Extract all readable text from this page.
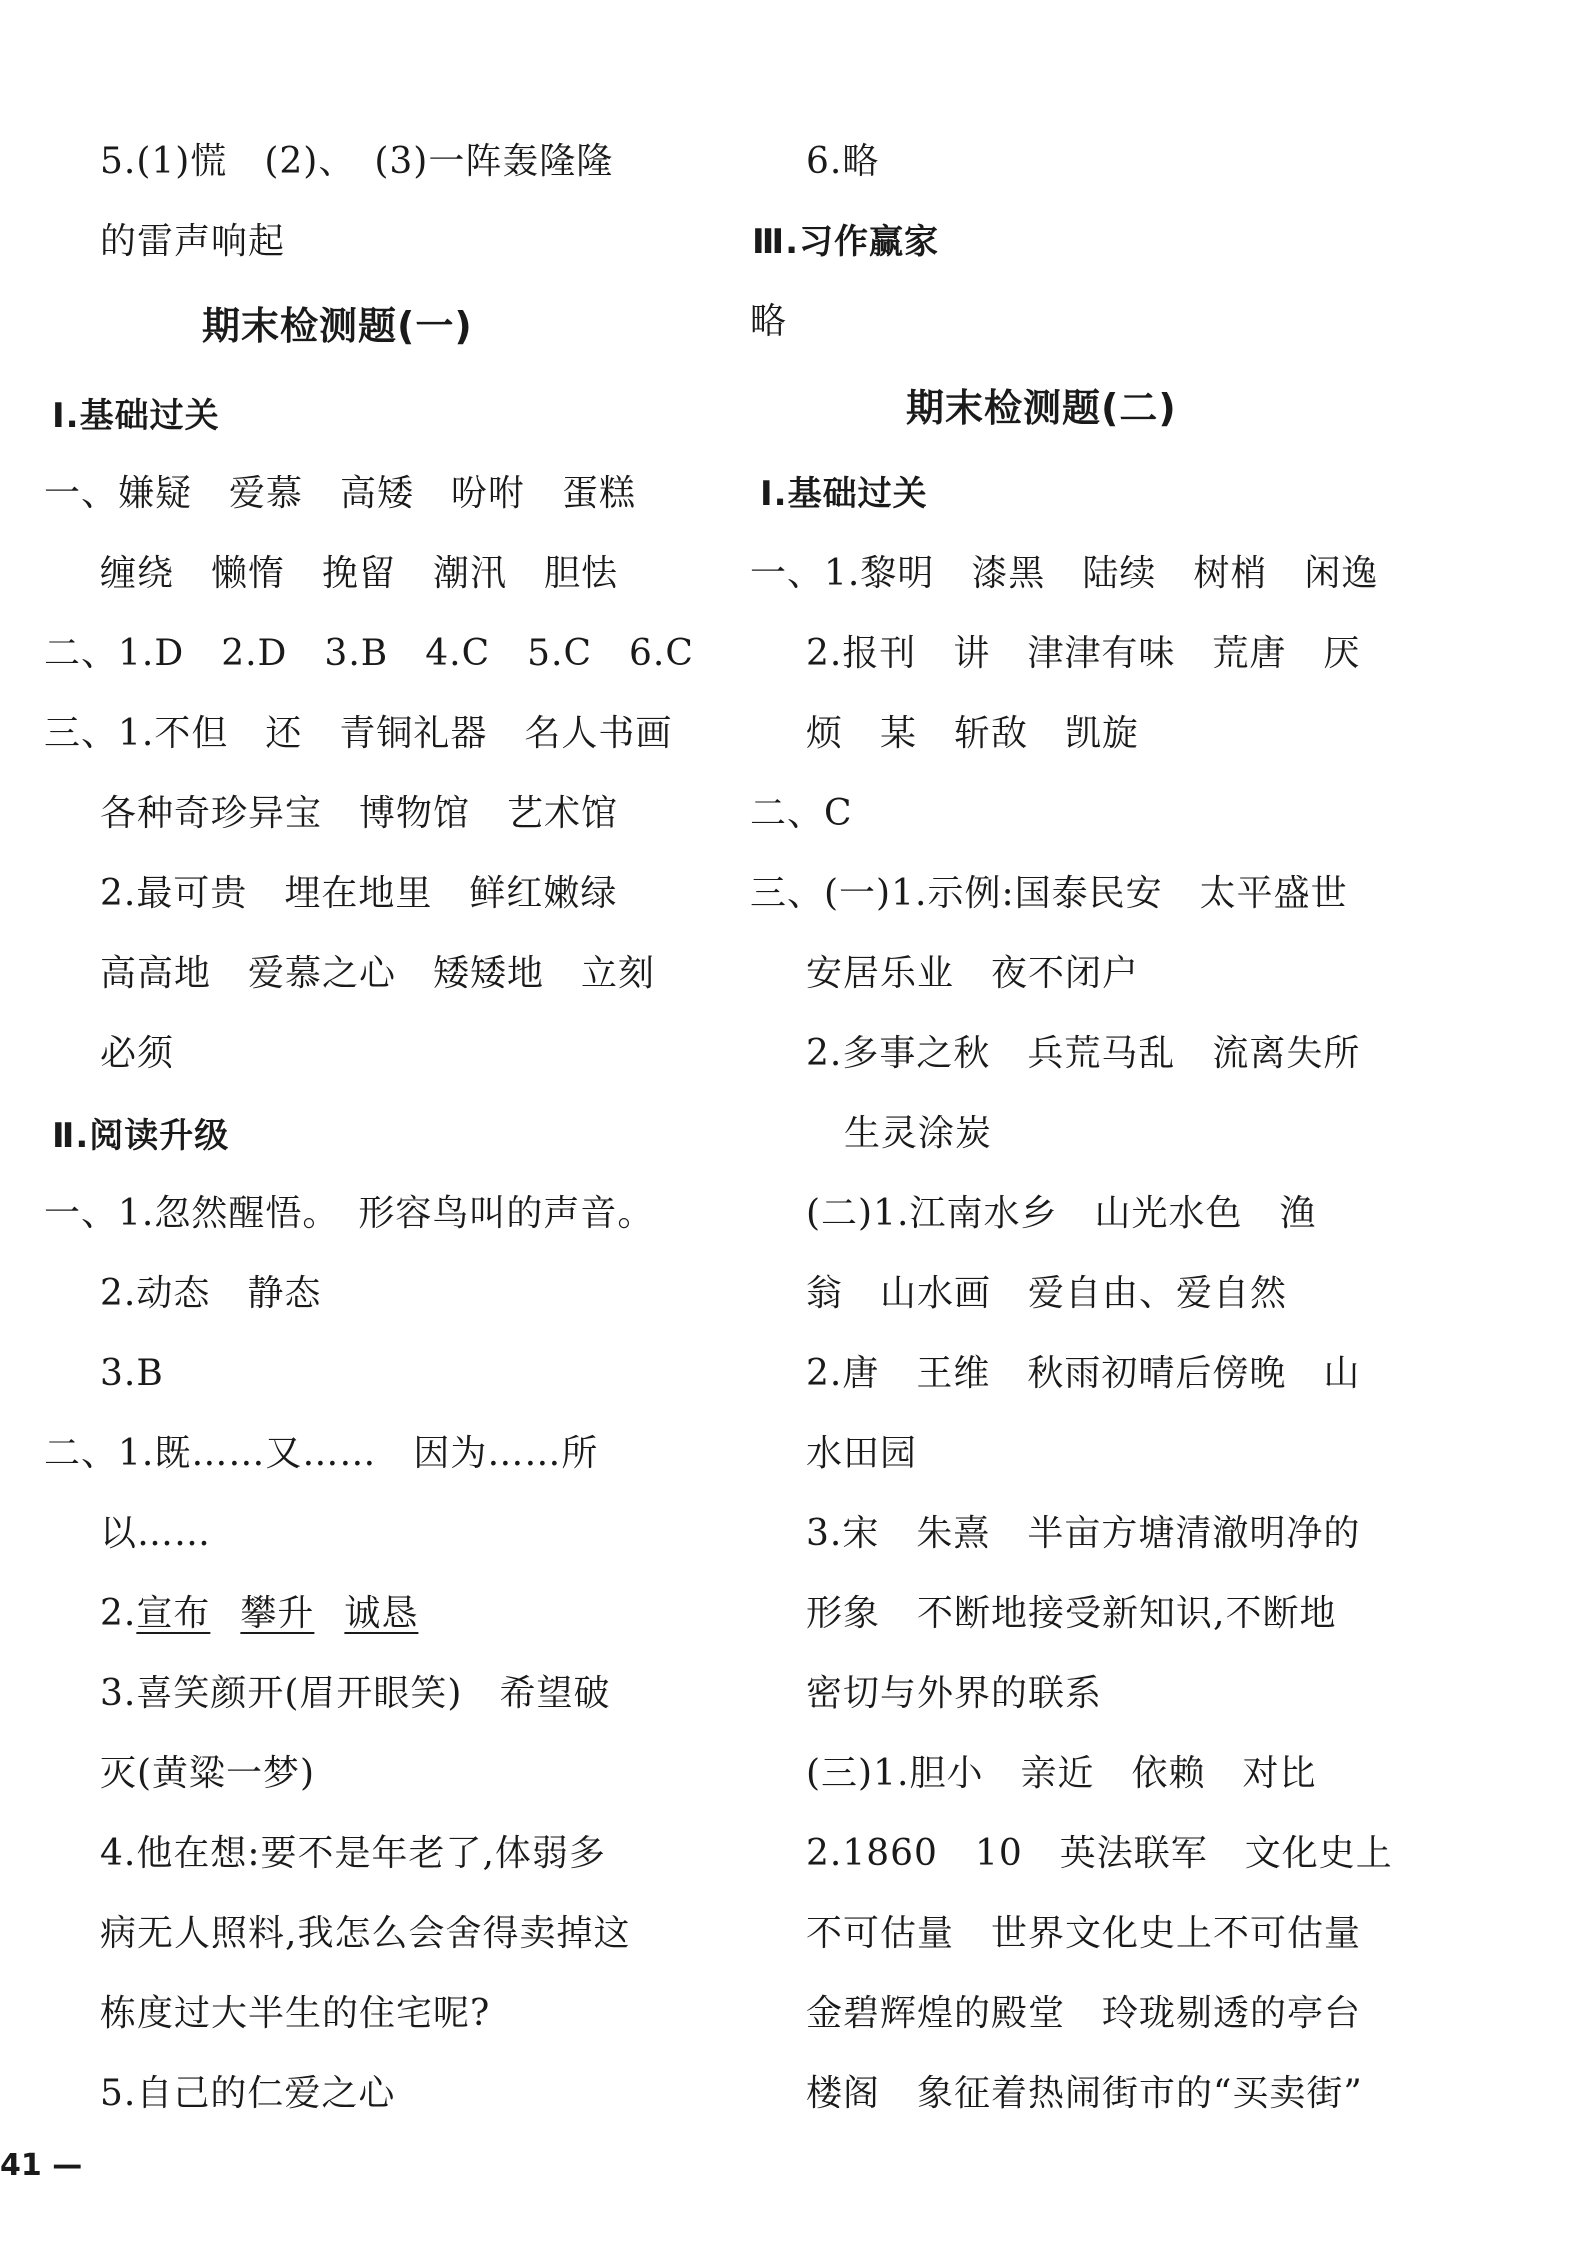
5.(1)慌　(2)、　(3)一阵轰隆隆
的雷声响起
期末检测题(一)
Ⅰ.基础过关
一、嫌疑　爱慕　高矮　吩咐　蛋糕
缠绕　懒惰　挽留　潮汛　胆怯
二、1.D　2.D　3.B　4.C　5.C　6.C
三、1.不但　还　青铜礼器　名人书画
各种奇珍异宝　博物馆　艺术馆
2.最可贵　埋在地里　鲜红嫩绿
高高地　爱慕之心　矮矮地　立刻
必须
Ⅱ.阅读升级
一、1.忽然醒悟。　形容鸟叫的声音。
2.动态　静态
3.B
二、1.既……又……　因为……所
以……
2.宣布 攀升 诚恳
3.喜笑颜开(眉开眼笑)　希望破
灭(黄粱一梦)
4.他在想:要不是年老了,体弱多
病无人照料,我怎么会舍得卖掉这
栋度过大半生的住宅呢?
5.自己的仁爱之心
6.略
Ⅲ.习作赢家
略
期末检测题(二)
Ⅰ.基础过关
一、1.黎明　漆黑　陆续　树梢　闲逸
2.报刊　讲　津津有味　荒唐　厌
烦　某　斩敌　凯旋
二、C
三、(一)1.示例:国泰民安　太平盛世
安居乐业　夜不闭户
2.多事之秋　兵荒马乱　流离失所
生灵涂炭
(二)1.江南水乡　山光水色　渔
翁　山水画　爱自由、爱自然
2.唐　王维　秋雨初晴后傍晚　山
水田园
3.宋　朱熹　半亩方塘清澈明净的
形象　不断地接受新知识,不断地
密切与外界的联系
(三)1.胆小　亲近　依赖　对比
2.1860　10　英法联军　文化史上
不可估量　世界文化史上不可估量
金碧辉煌的殿堂　玲珑剔透的亭台
楼阁　象征着热闹街市的“买卖街”
41 —
